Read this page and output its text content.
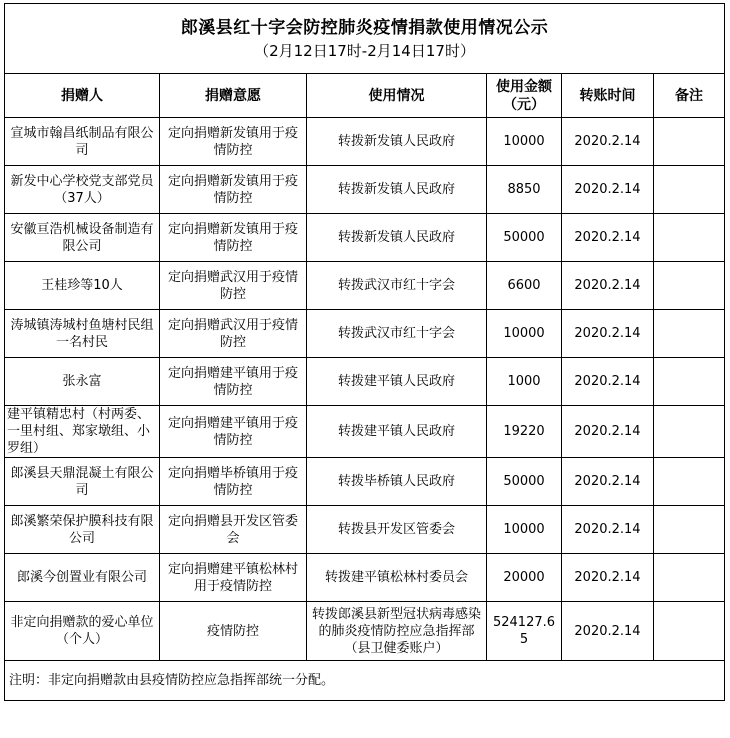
郎溪县红十字会防控肺炎疫情捐款使用情况公示
（2月12日17时-2月14日17时）					

捐赠人	捐赠意愿	使用情况	使用金额（元）	转账时间	备注
宣城市翰昌纸制品有限公司	定向捐赠新发镇用于疫情防控	转拨新发镇人民政府	10000	2020.2.14	
新发中心学校党支部党员（37人）	定向捐赠新发镇用于疫情防控	转拨新发镇人民政府	8850	2020.2.14	
安徽亘浩机械设备制造有限公司	定向捐赠新发镇用于疫情防控	转拨新发镇人民政府	50000	2020.2.14	
王桂珍等10人	定向捐赠武汉用于疫情防控	转拨武汉市红十字会	6600	2020.2.14	
涛城镇涛城村鱼塘村民组一名村民	定向捐赠武汉用于疫情防控	转拨武汉市红十字会	10000	2020.2.14	
张永富	定向捐赠建平镇用于疫情防控	转拨建平镇人民政府	1000	2020.2.14	
建平镇精忠村（村两委、一里村组、郑家墩组、小罗组）	定向捐赠建平镇用于疫情防控	转拨建平镇人民政府	19220	2020.2.14	
郎溪县天鼎混凝土有限公司	定向捐赠毕桥镇用于疫情防控	转拨毕桥镇人民政府	50000	2020.2.14	
郎溪繁荣保护膜科技有限公司	定向捐赠县开发区管委会	转拨县开发区管委会	10000	2020.2.14	
郎溪今创置业有限公司	定向捐赠建平镇松林村用于疫情防控	转拨建平镇松林村委员会	20000	2020.2.14	
非定向捐赠款的爱心单位（个人）	疫情防控	转拨郎溪县新型冠状病毒感染的肺炎疫情防控应急指挥部（县卫健委账户）	524127.65	2020.2.14	
注明：非定向捐赠款由县疫情防控应急指挥部统一分配。					
